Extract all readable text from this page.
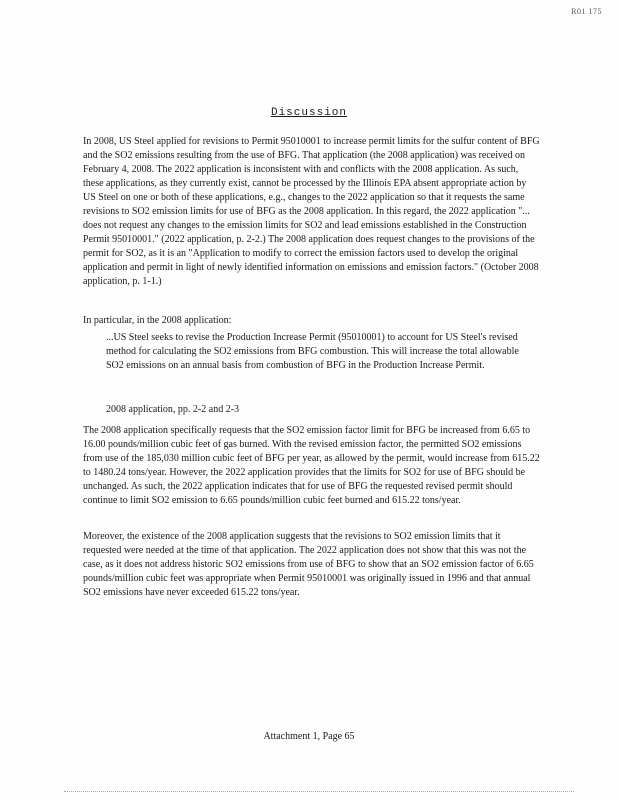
R01 175
Discussion

In 2008, US Steel applied for revisions to Permit 95010001 to increase permit limits for the sulfur content of BFG and the SO2 emissions resulting from the use of BFG. That application (the 2008 application) was received on February 4, 2008. The 2022 application is inconsistent with and conflicts with the 2008 application. As such, these applications, as they currently exist, cannot be processed by the Illinois EPA absent appropriate action by US Steel on one or both of these applications, e.g., changes to the 2022 application so that it requests the same revisions to SO2 emission limits for use of BFG as the 2008 application. In this regard, the 2022 application "... does not request any changes to the emission limits for SO2 and lead emissions established in the Construction Permit 95010001." (2022 application, p. 2-2.) The 2008 application does request changes to the provisions of the permit for SO2, as it is an "Application to modify to correct the emission factors used to develop the original application and permit in light of newly identified information on emissions and emission factors." (October 2008 application, p. 1-1.)

In particular, in the 2008 application:

...US Steel seeks to revise the Production Increase Permit (95010001) to account for US Steel's revised method for calculating the SO2 emissions from BFG combustion. This will increase the total allowable SO2 emissions on an annual basis from combustion of BFG in the Production Increase Permit.

2008 application, pp. 2-2 and 2-3

The 2008 application specifically requests that the SO2 emission factor limit for BFG be increased from 6.65 to 16.00 pounds/million cubic feet of gas burned. With the revised emission factor, the permitted SO2 emissions from use of the 185,030 million cubic feet of BFG per year, as allowed by the permit, would increase from 615.22 to 1480.24 tons/year. However, the 2022 application provides that the limits for SO2 for use of BFG should be unchanged. As such, the 2022 application indicates that for use of BFG the requested revised permit should continue to limit SO2 emission to 6.65 pounds/million cubic feet burned and 615.22 tons/year.

Moreover, the existence of the 2008 application suggests that the revisions to SO2 emission limits that it requested were needed at the time of that application. The 2022 application does not show that this was not the case, as it does not address historic SO2 emissions from use of BFG to show that an SO2 emission factor of 6.65 pounds/million cubic feet was appropriate when Permit 95010001 was originally issued in 1996 and that annual SO2 emissions have never exceeded 615.22 tons/year.

Attachment 1, Page 65
